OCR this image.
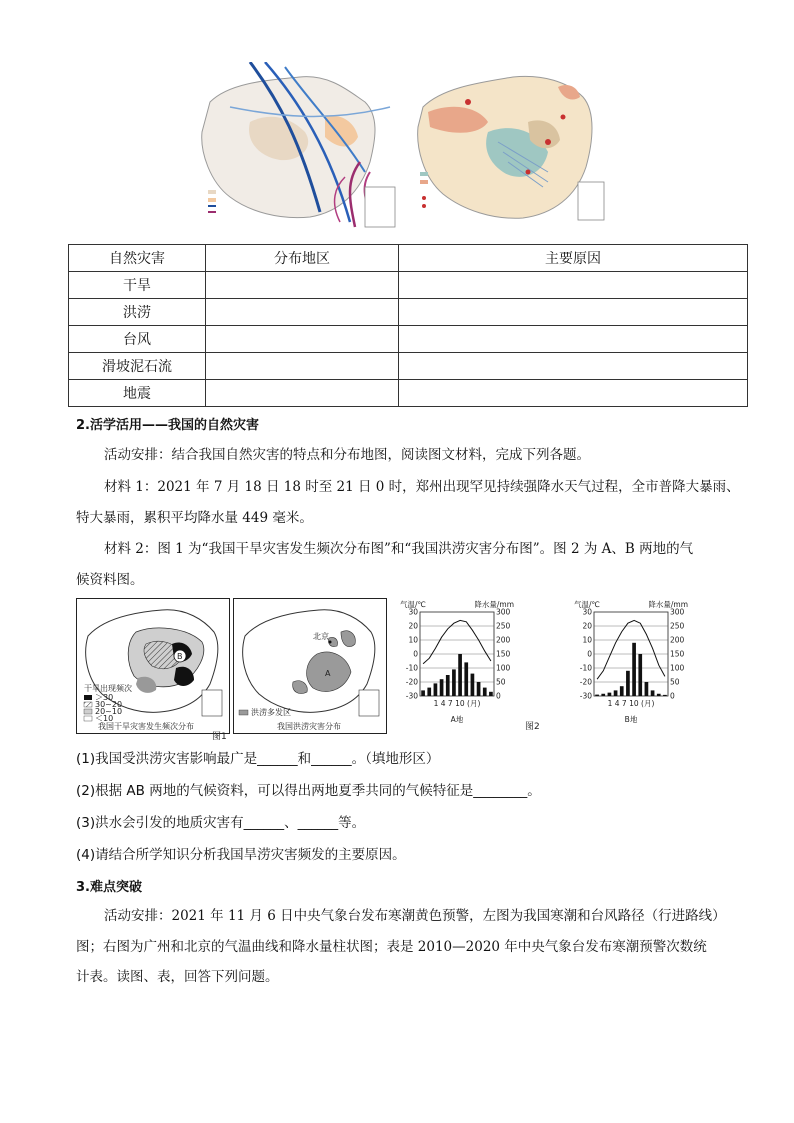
自然灾害	分布地区	主要原因
干旱		
洪涝		
台风		
滑坡泥石流		
地震		
2.活学活用——我国的自然灾害
活动安排：结合我国自然灾害的特点和分布地图，阅读图文材料，完成下列各题。
材料 1：2021 年 7 月 18 日 18 时至 21 日 0 时，郑州出现罕见持续强降水天气过程，全市普降大暴雨、
特大暴雨，累积平均降水量 449 毫米。
材料 2：图 1 为“我国干旱灾害发生频次分布图”和“我国洪涝灾害分布图”。图 2 为 A、B 两地的气
候资料图。
干旱出现频次
＞30
30~20
20~10
＜10
B
我国干旱灾害发生频次分布
北京
A
洪涝多发区
我国洪涝灾害分布
图1
气温/℃	降水量/mm
30	300
20	250
10	200
0	150
-10	100
-20	50
-30	0
1 4 7 10 (月)
A地
气温/℃	降水量/mm
30	300
20	250
10	200
0	150
-10	100
-20	50
-30	0
1 4 7 10 (月)
B地
图2
(1)我国受洪涝灾害影响最广是______和______。（填地形区）
(2)根据 AB 两地的气候资料，可以得出两地夏季共同的气候特征是________。
(3)洪水会引发的地质灾害有______、______等。
(4)请结合所学知识分析我国旱涝灾害频发的主要原因。
3.难点突破
活动安排：2021 年 11 月 6 日中央气象台发布寒潮黄色预警，左图为我国寒潮和台风路径（行进路线）
图；右图为广州和北京的气温曲线和降水量柱状图；表是 2010—2020 年中央气象台发布寒潮预警次数统
计表。读图、表，回答下列问题。
